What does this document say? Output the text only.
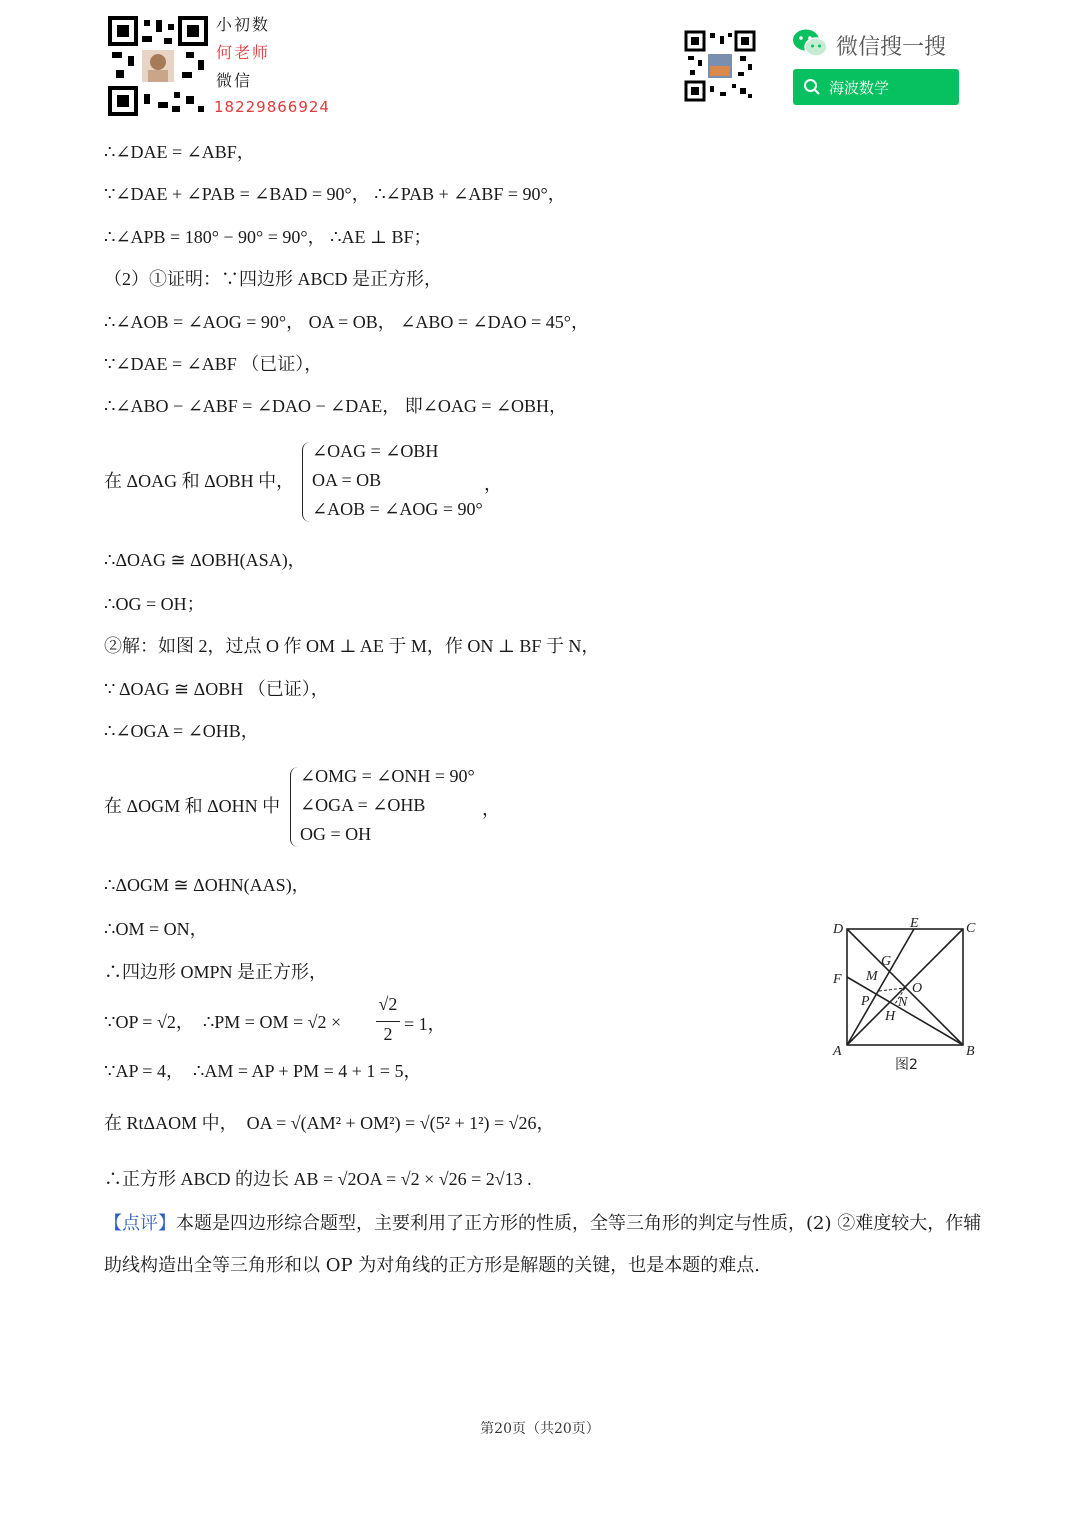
小初数
何老师
微信
18229866924
微信搜一搜
海波数学
∴∠DAE = ∠ABF，
∵∠DAE + ∠PAB = ∠BAD = 90°， ∴∠PAB + ∠ABF = 90°，
∴∠APB = 180° − 90° = 90°， ∴AE ⊥ BF；
（2）①证明：∵四边形 ABCD 是正方形，
∴∠AOB = ∠AOG = 90°， OA = OB， ∠ABO = ∠DAO = 45°，
∵∠DAE = ∠ABF （已证），
∴∠ABO − ∠ABF = ∠DAO − ∠DAE， 即∠OAG = ∠OBH，
在 ΔOAG 和 ΔOBH 中，
∠OAG = ∠OBH
OA = OB
∠AOB = ∠AOG = 90°
，
∴ΔOAG ≅ ΔOBH(ASA)，
∴OG = OH；
②解：如图 2，过点 O 作 OM ⊥ AE 于 M，作 ON ⊥ BF 于 N，
∵ ΔOAG ≅ ΔOBH （已证），
∴∠OGA = ∠OHB，
在 ΔOGM 和 ΔOHN 中
∠OMG = ∠ONH = 90°
∠OGA = ∠OHB
OG = OH
，
∴ΔOGM ≅ ΔOHN(AAS)，
∴OM = ON，
∴四边形 OMPN 是正方形，
∵OP = √2，  ∴PM = OM = √2 ×
√2
2 = 1，
∵AP = 4，  ∴AM = AP + PM = 4 + 1 = 5，
在 RtΔAOM 中，  OA = √(AM² + OM²) = √(5² + 1²) = √26，
∴正方形 ABCD 的边长 AB = √2OA = √2 × √26 = 2√13 .
【点评】本题是四边形综合题型，主要利用了正方形的性质，全等三角形的判定与性质，(2) ②难度较大，作辅助线构造出全等三角形和以 OP 为对角线的正方形是解题的关键，也是本题的难点.
D	E	C
G
F M
O
P N
H
A	B
图2
第20页（共20页）
